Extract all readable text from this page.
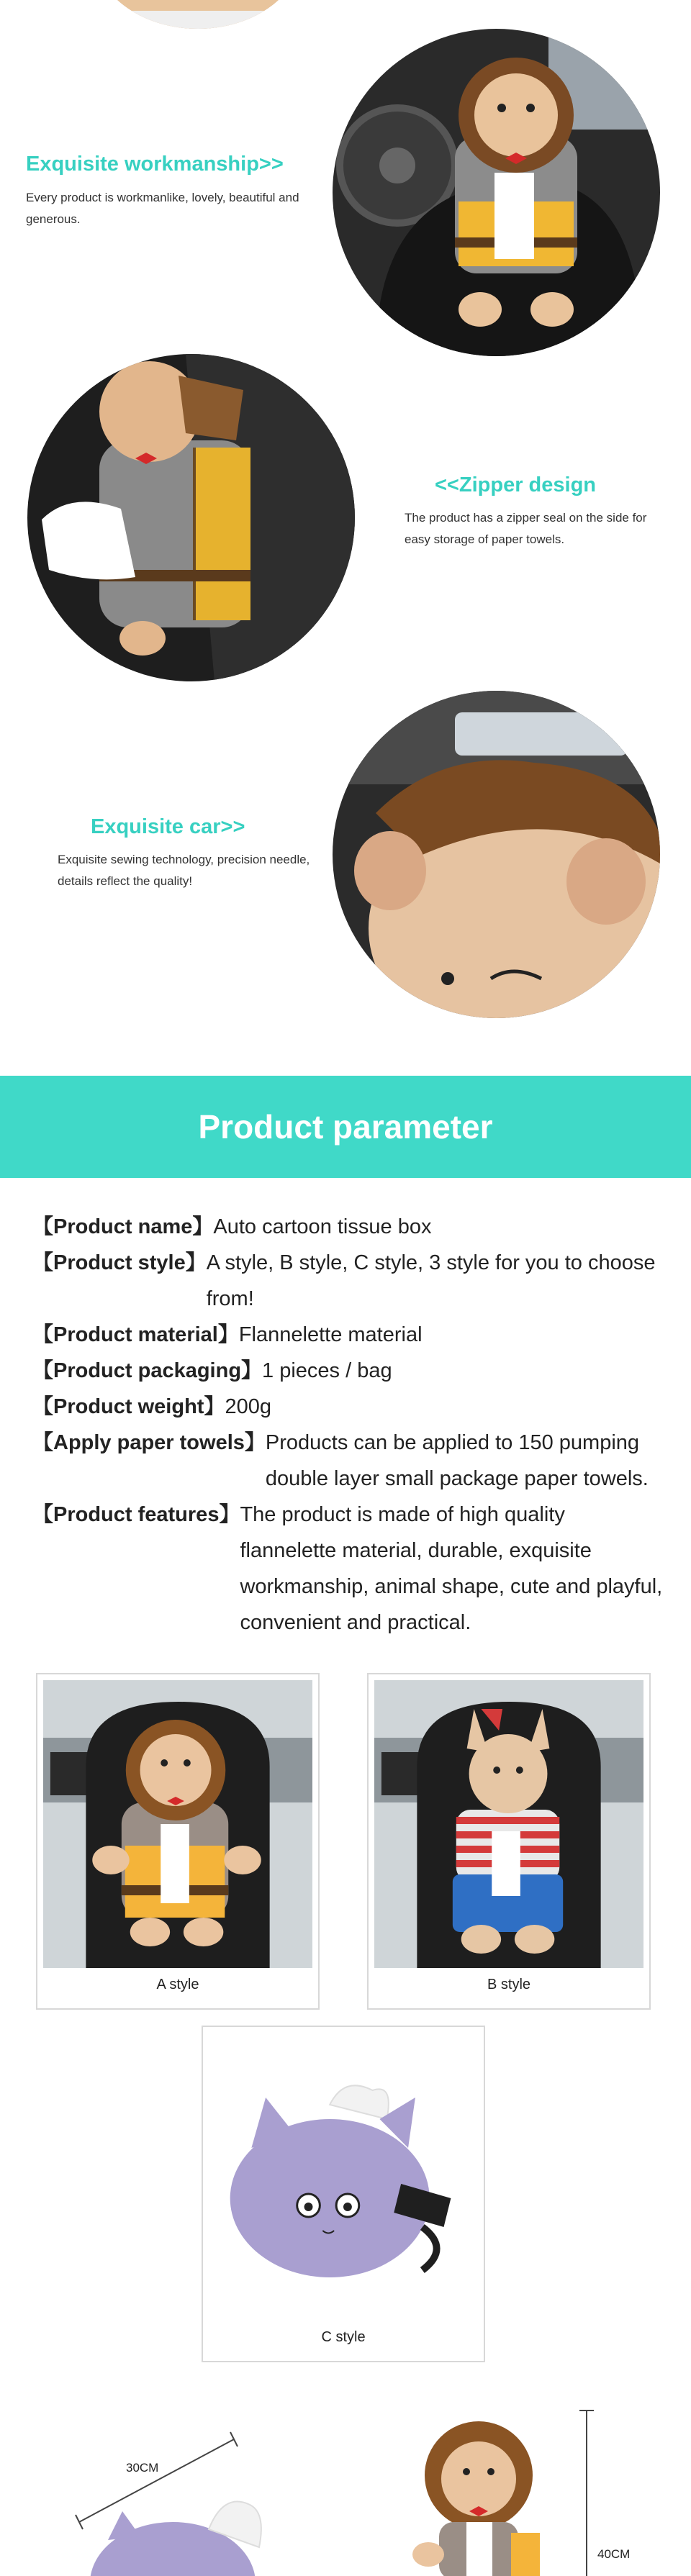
Exquisite workmanship>>
Every product is workmanlike, lovely, beautiful and generous.
<<Zipper design
The product has a zipper seal on the side for easy storage of paper towels.
Exquisite car>>
Exquisite sewing technology, precision needle, details reflect the quality!
Product parameter
【Product name】 Auto cartoon tissue box
【Product style】 A style, B style, C style, 3 style for you to choose from!
【Product material】 Flannelette material
【Product packaging】 1 pieces / bag
【Product weight】 200g
【Apply paper towels】 Products can be applied to 150 pumping double layer small package paper towels.
【Product features】 The product is made of high quality flannelette material, durable, exquisite workmanship, animal shape, cute and playful, convenient and practical.
A style	B style
C style
30CM
40CM
